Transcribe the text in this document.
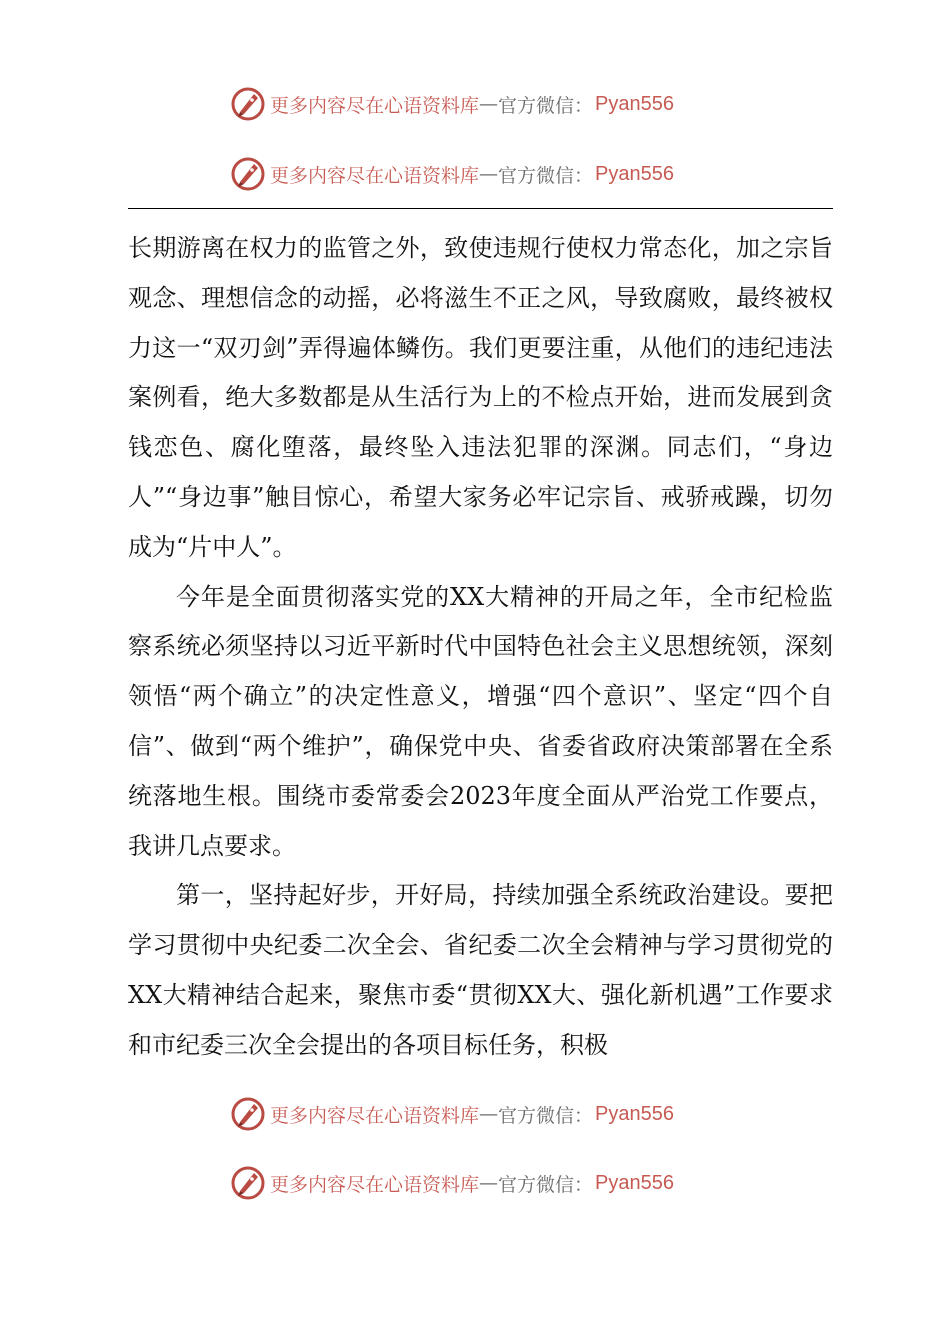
更多内容尽在心语资料库 — 官方微信： Pyan556
更多内容尽在心语资料库 — 官方微信： Pyan556

长期游离在权力的监管之外，致使违规行使权力常态化，加之宗旨观念、理想信念的动摇，必将滋生不正之风，导致腐败，最终被权力这一“双刃剑”弄得遍体鳞伤。我们更要注重，从他们的违纪违法案例看，绝大多数都是从生活行为上的不检点开始，进而发展到贪钱恋色、腐化堕落，最终坠入违法犯罪的深渊。同志们，“身边人”“身边事”触目惊心，希望大家务必牢记宗旨、戒骄戒躁，切勿成为“片中人”。

今年是全面贯彻落实党的XX大精神的开局之年，全市纪检监察系统必须坚持以习近平新时代中国特色社会主义思想统领，深刻领悟“两个确立”的决定性意义，增强“四个意识”、坚定“四个自信”、做到“两个维护”，确保党中央、省委省政府决策部署在全系统落地生根。围绕市委常委会2023年度全面从严治党工作要点，我讲几点要求。

第一，坚持起好步，开好局，持续加强全系统政治建设。要把学习贯彻中央纪委二次全会、省纪委二次全会精神与学习贯彻党的XX大精神结合起来，聚焦市委“贯彻XX大、强化新机遇”工作要求和市纪委三次全会提出的各项目标任务，积极

更多内容尽在心语资料库 — 官方微信： Pyan556
更多内容尽在心语资料库 — 官方微信： Pyan556
